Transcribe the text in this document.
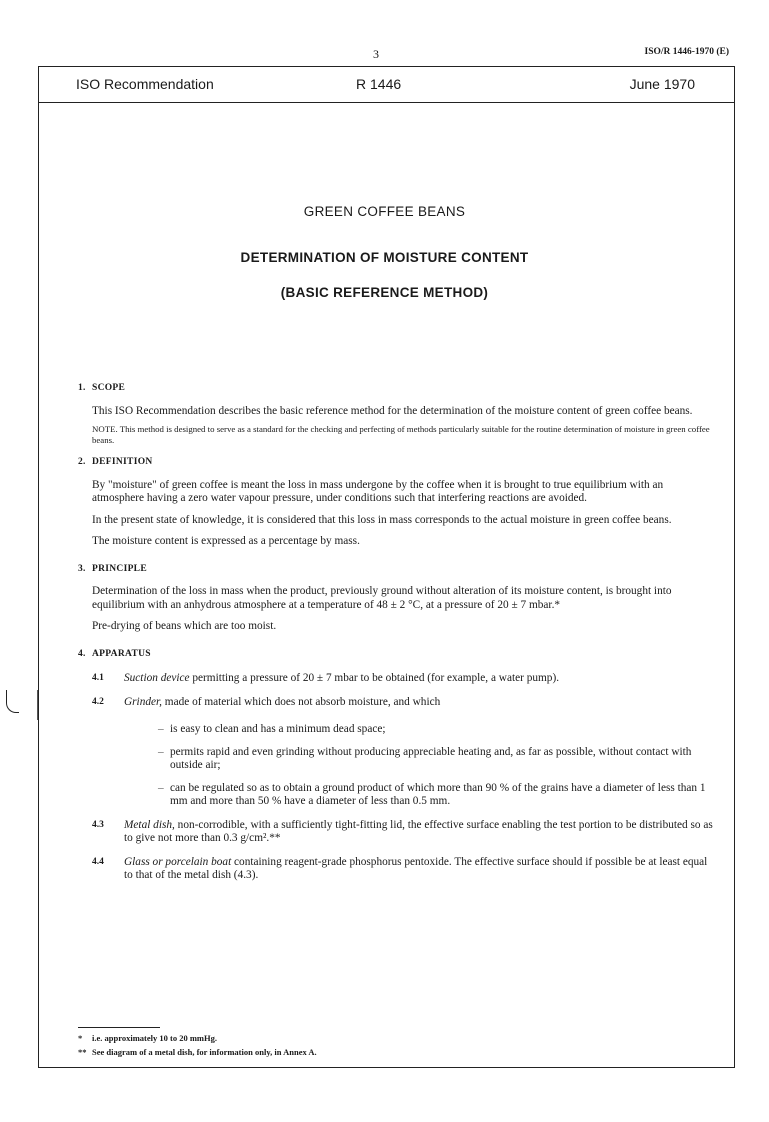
3	ISO/R 1446-1970 (E)
ISO Recommendation	R 1446	June 1970
GREEN COFFEE BEANS
DETERMINATION OF MOISTURE CONTENT
(BASIC REFERENCE METHOD)
1. SCOPE
This ISO Recommendation describes the basic reference method for the determination of the moisture content of green coffee beans.
NOTE. This method is designed to serve as a standard for the checking and perfecting of methods particularly suitable for the routine determination of moisture in green coffee beans.
2. DEFINITION
By "moisture" of green coffee is meant the loss in mass undergone by the coffee when it is brought to true equilibrium with an atmosphere having a zero water vapour pressure, under conditions such that interfering reactions are avoided.
In the present state of knowledge, it is considered that this loss in mass corresponds to the actual moisture in green coffee beans.
The moisture content is expressed as a percentage by mass.
3. PRINCIPLE
Determination of the loss in mass when the product, previously ground without alteration of its moisture content, is brought into equilibrium with an anhydrous atmosphere at a temperature of 48 ± 2 °C, at a pressure of 20 ± 7 mbar.*
Pre-drying of beans which are too moist.
4. APPARATUS
4.1 Suction device permitting a pressure of 20 ± 7 mbar to be obtained (for example, a water pump).
4.2 Grinder, made of material which does not absorb moisture, and which
– is easy to clean and has a minimum dead space;
– permits rapid and even grinding without producing appreciable heating and, as far as possible, without contact with outside air;
– can be regulated so as to obtain a ground product of which more than 90 % of the grains have a diameter of less than 1 mm and more than 50 % have a diameter of less than 0.5 mm.
4.3 Metal dish, non-corrodible, with a sufficiently tight-fitting lid, the effective surface enabling the test portion to be distributed so as to give not more than 0.3 g/cm².**
4.4 Glass or porcelain boat containing reagent-grade phosphorus pentoxide. The effective surface should if possible be at least equal to that of the metal dish (4.3).
* i.e. approximately 10 to 20 mmHg.
** See diagram of a metal dish, for information only, in Annex A.
